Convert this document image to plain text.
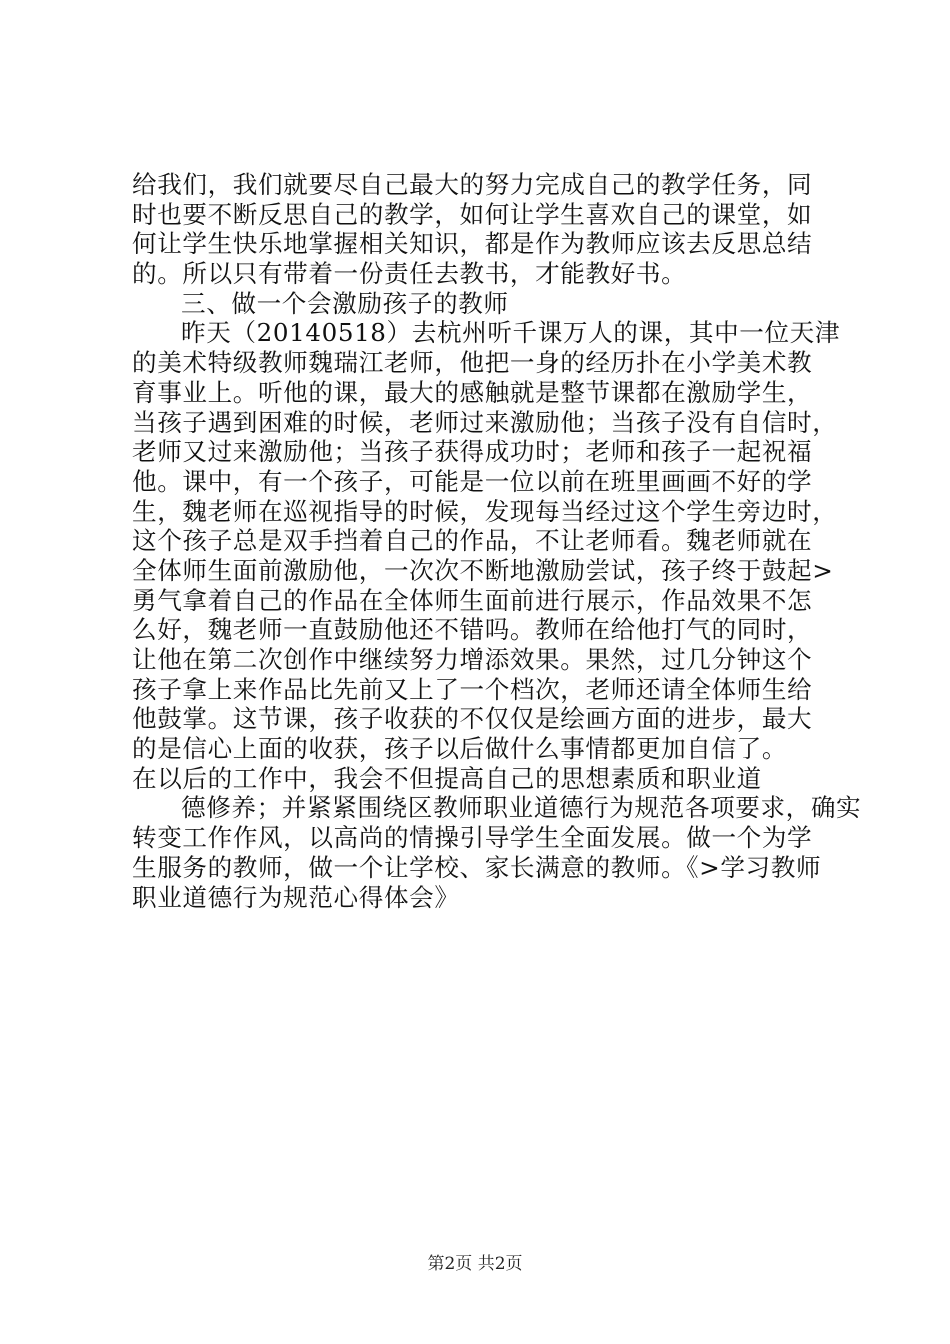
给我们，我们就要尽自己最大的努力完成自己的教学任务，同
时也要不断反思自己的教学，如何让学生喜欢自己的课堂，如
何让学生快乐地掌握相关知识，都是作为教师应该去反思总结
的。所以只有带着一份责任去教书，才能教好书。
三、做一个会激励孩子的教师
昨天（20140518）去杭州听千课万人的课，其中一位天津
的美术特级教师魏瑞江老师，他把一身的经历扑在小学美术教
育事业上。听他的课，最大的感触就是整节课都在激励学生，
当孩子遇到困难的时候，老师过来激励他；当孩子没有自信时，
老师又过来激励他；当孩子获得成功时；老师和孩子一起祝福
他。课中，有一个孩子，可能是一位以前在班里画画不好的学
生，魏老师在巡视指导的时候，发现每当经过这个学生旁边时，
这个孩子总是双手挡着自己的作品，不让老师看。魏老师就在
全体师生面前激励他，一次次不断地激励尝试，孩子终于鼓起>
勇气拿着自己的作品在全体师生面前进行展示，作品效果不怎
么好，魏老师一直鼓励他还不错吗。教师在给他打气的同时，
让他在第二次创作中继续努力增添效果。果然，过几分钟这个
孩子拿上来作品比先前又上了一个档次，老师还请全体师生给
他鼓掌。这节课，孩子收获的不仅仅是绘画方面的进步，最大
的是信心上面的收获，孩子以后做什么事情都更加自信了。
在以后的工作中，我会不但提高自己的思想素质和职业道
德修养；并紧紧围绕区教师职业道德行为规范各项要求，确实
转变工作作风，以高尚的情操引导学生全面发展。做一个为学
生服务的教师，做一个让学校、家长满意的教师。《>学习教师
职业道德行为规范心得体会》
第2页 共2页
